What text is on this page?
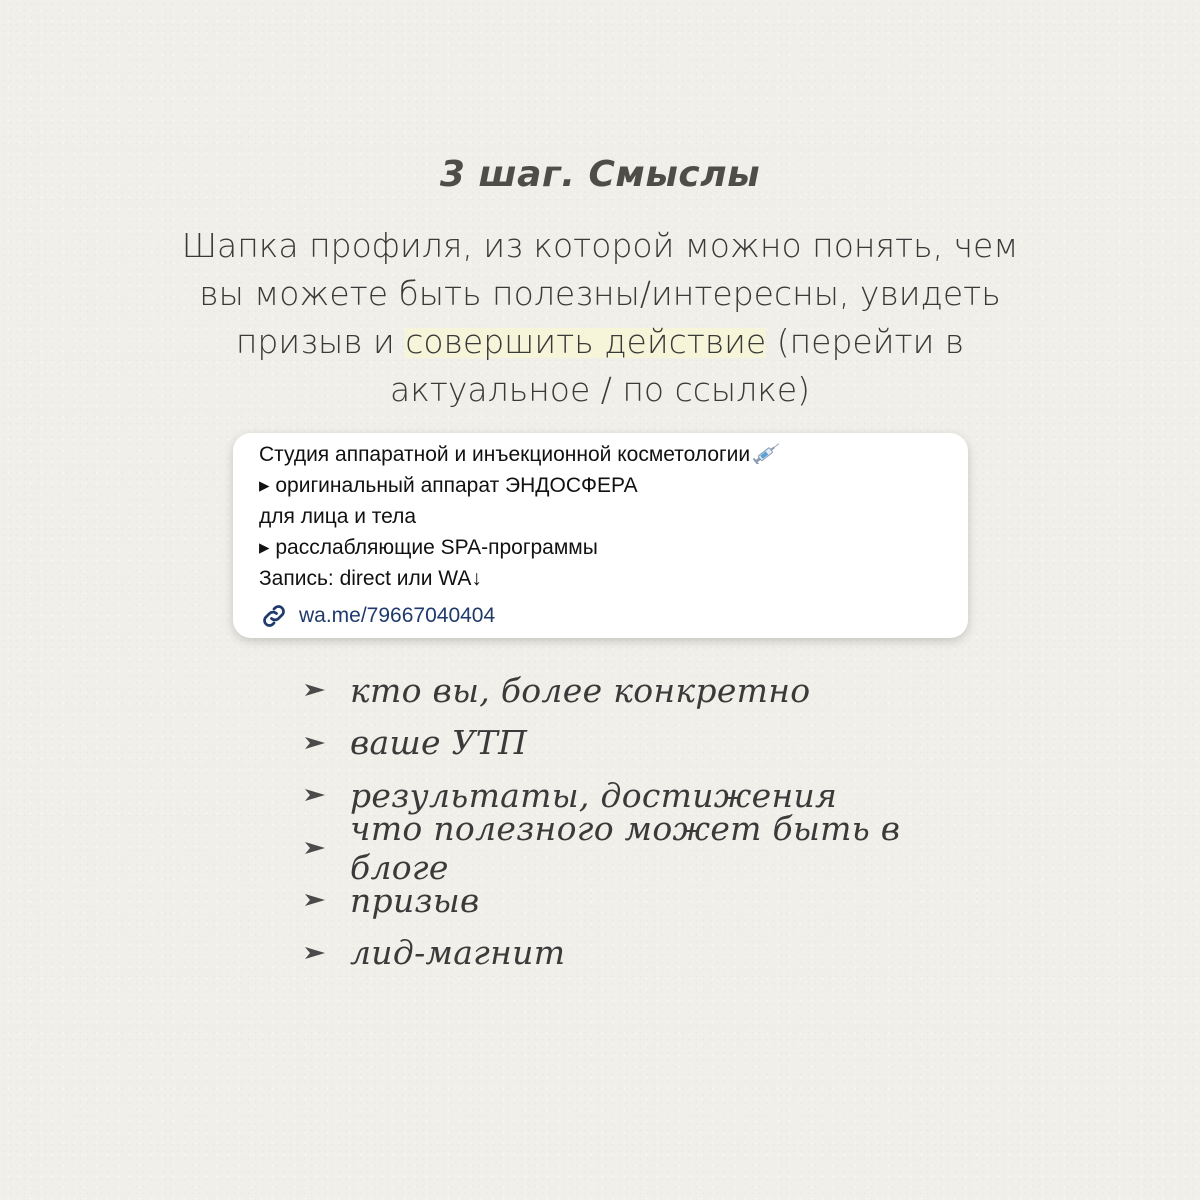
3 шаг. Смыслы
Шапка профиля, из которой можно понять, чем
вы можете быть полезны/интересны, увидеть
призыв и совершить действие (перейти в
актуальное / по ссылке)
Студия аппаратной и инъекционной косметологии
▸ оригинальный аппарат ЭНДОСФЕРА
для лица и тела
▸ расслабляющие SPA-программы
Запись: direct или WA↓
wa.me/79667040404
кто вы, более конкретно
ваше УТП
результаты, достижения
что полезного может быть в блоге
призыв
лид-магнит
